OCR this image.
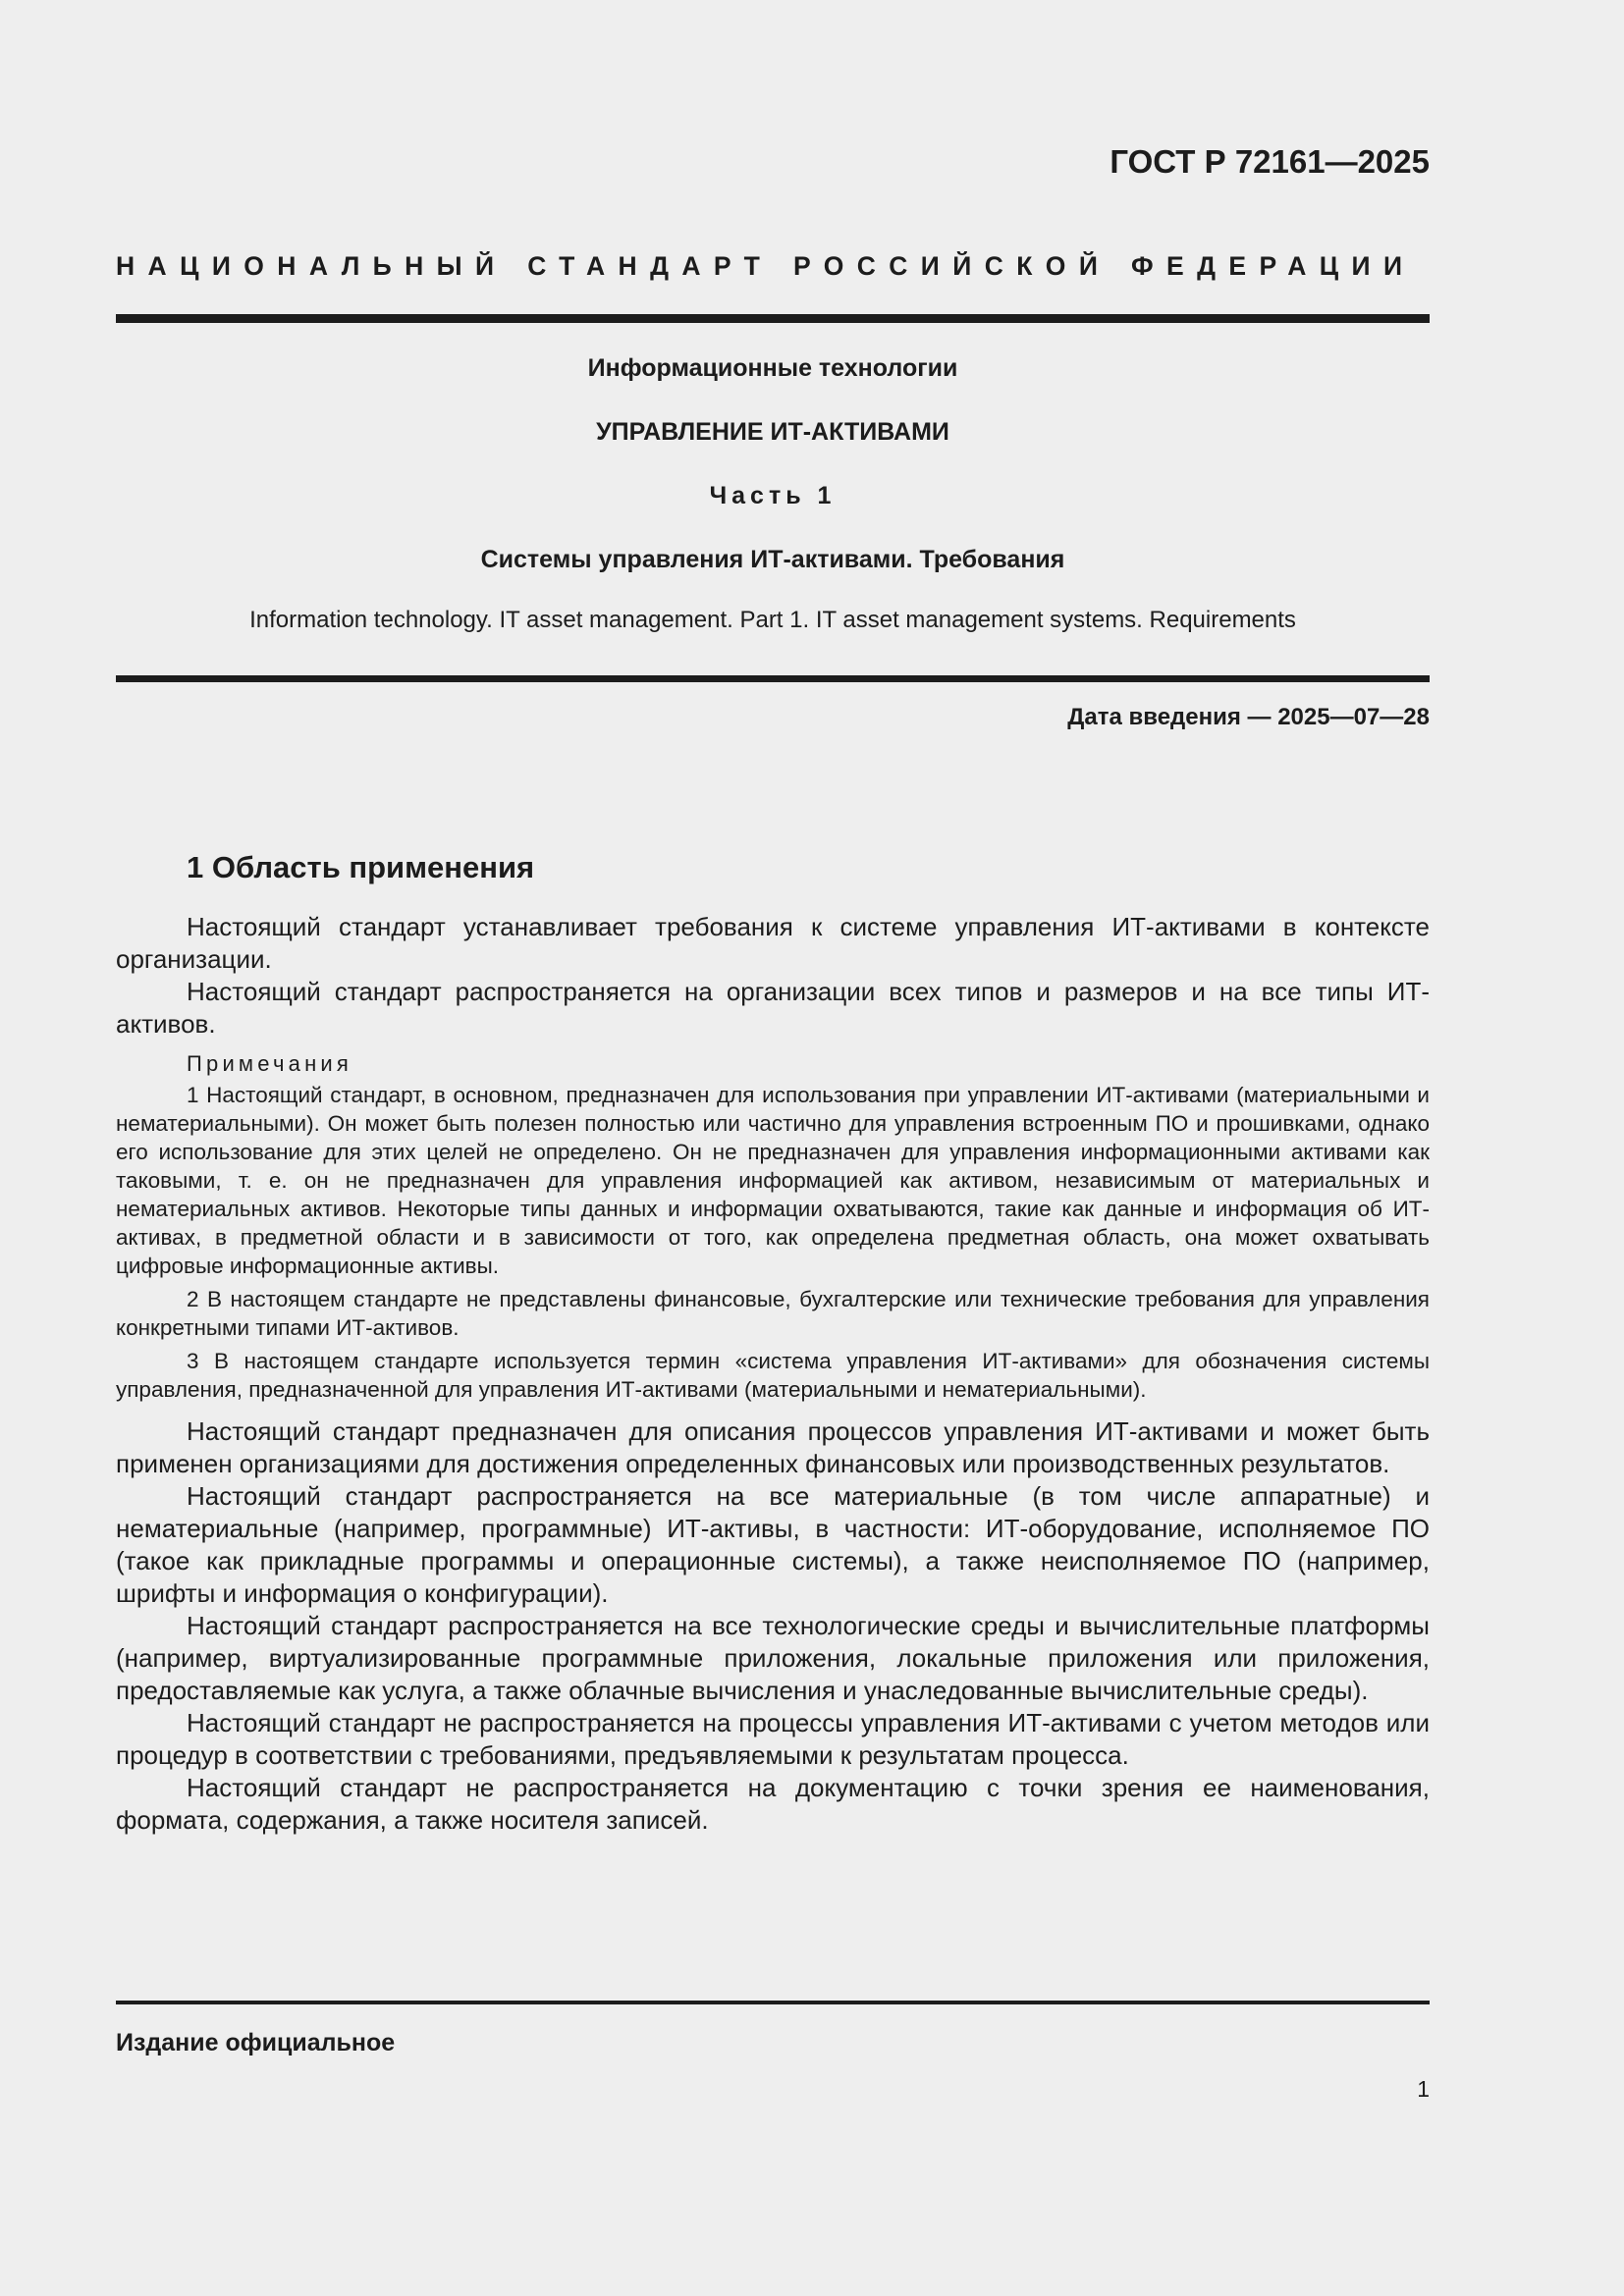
ГОСТ Р 72161—2025
НАЦИОНАЛЬНЫЙ СТАНДАРТ РОССИЙСКОЙ ФЕДЕРАЦИИ
Информационные технологии
УПРАВЛЕНИЕ ИТ-АКТИВАМИ
Часть 1
Системы управления ИТ-активами. Требования
Information technology. IT asset management. Part 1. IT asset management systems. Requirements
Дата введения — 2025—07—28
1 Область применения

Настоящий стандарт устанавливает требования к системе управления ИТ-активами в контексте организации.

Настоящий стандарт распространяется на организации всех типов и размеров и на все типы ИТ-активов.

Примечания

1 Настоящий стандарт, в основном, предназначен для использования при управлении ИТ-активами (материальными и нематериальными). Он может быть полезен полностью или частично для управления встроенным ПО и прошивками, однако его использование для этих целей не определено. Он не предназначен для управления информационными активами как таковыми, т. е. он не предназначен для управления информацией как активом, независимым от материальных и нематериальных активов. Некоторые типы данных и информации охватываются, такие как данные и информация об ИТ-активах, в предметной области и в зависимости от того, как определена предметная область, она может охватывать цифровые информационные активы.

2 В настоящем стандарте не представлены финансовые, бухгалтерские или технические требования для управления конкретными типами ИТ-активов.

3 В настоящем стандарте используется термин «система управления ИТ-активами» для обозначения системы управления, предназначенной для управления ИТ-активами (материальными и нематериальными).

Настоящий стандарт предназначен для описания процессов управления ИТ-активами и может быть применен организациями для достижения определенных финансовых или производственных результатов.

Настоящий стандарт распространяется на все материальные (в том числе аппаратные) и нематериальные (например, программные) ИТ-активы, в частности: ИТ-оборудование, исполняемое ПО (такое как прикладные программы и операционные системы), а также неисполняемое ПО (например, шрифты и информация о конфигурации).

Настоящий стандарт распространяется на все технологические среды и вычислительные платформы (например, виртуализированные программные приложения, локальные приложения или приложения, предоставляемые как услуга, а также облачные вычисления и унаследованные вычислительные среды).

Настоящий стандарт не распространяется на процессы управления ИТ-активами с учетом методов или процедур в соответствии с требованиями, предъявляемыми к результатам процесса.

Настоящий стандарт не распространяется на документацию с точки зрения ее наименования, формата, содержания, а также носителя записей.

Издание официальное
1
